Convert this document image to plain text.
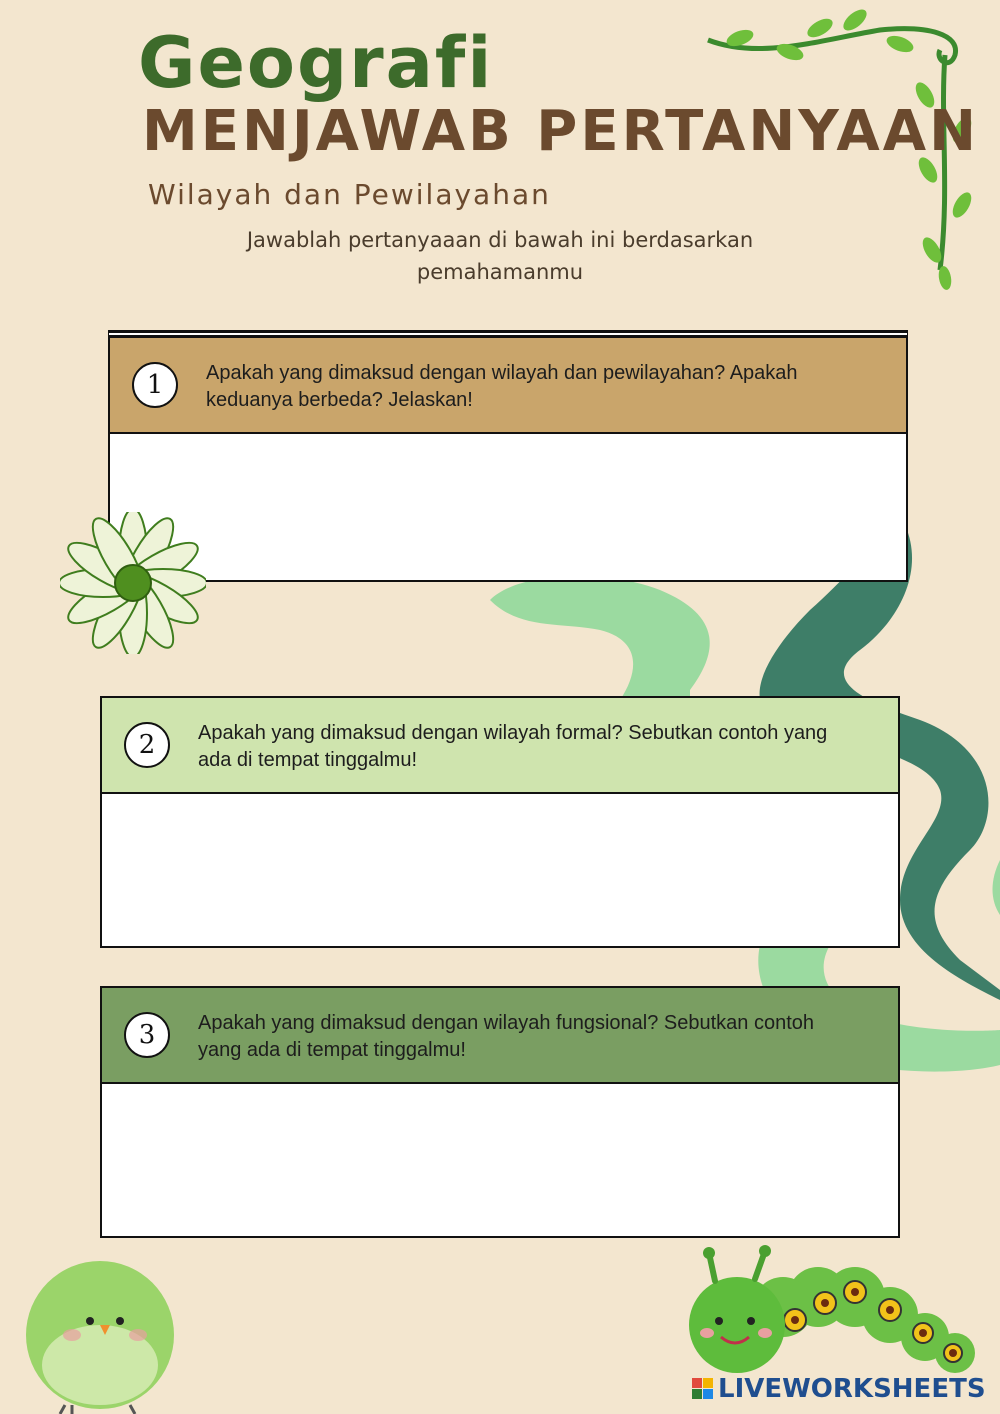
Geografi
MENJAWAB PERTANYAAN
Wilayah dan Pewilayahan
Jawablah pertanyaaan di bawah ini berdasarkan pemahamanmu
1	Apakah yang dimaksud dengan wilayah dan pewilayahan? Apakah keduanya berbeda? Jelaskan!
2	Apakah yang dimaksud dengan wilayah formal? Sebutkan contoh yang ada di tempat tinggalmu!
3	Apakah yang dimaksud dengan wilayah fungsional? Sebutkan contoh yang ada di tempat tinggalmu!
LIVEWORKSHEETS
